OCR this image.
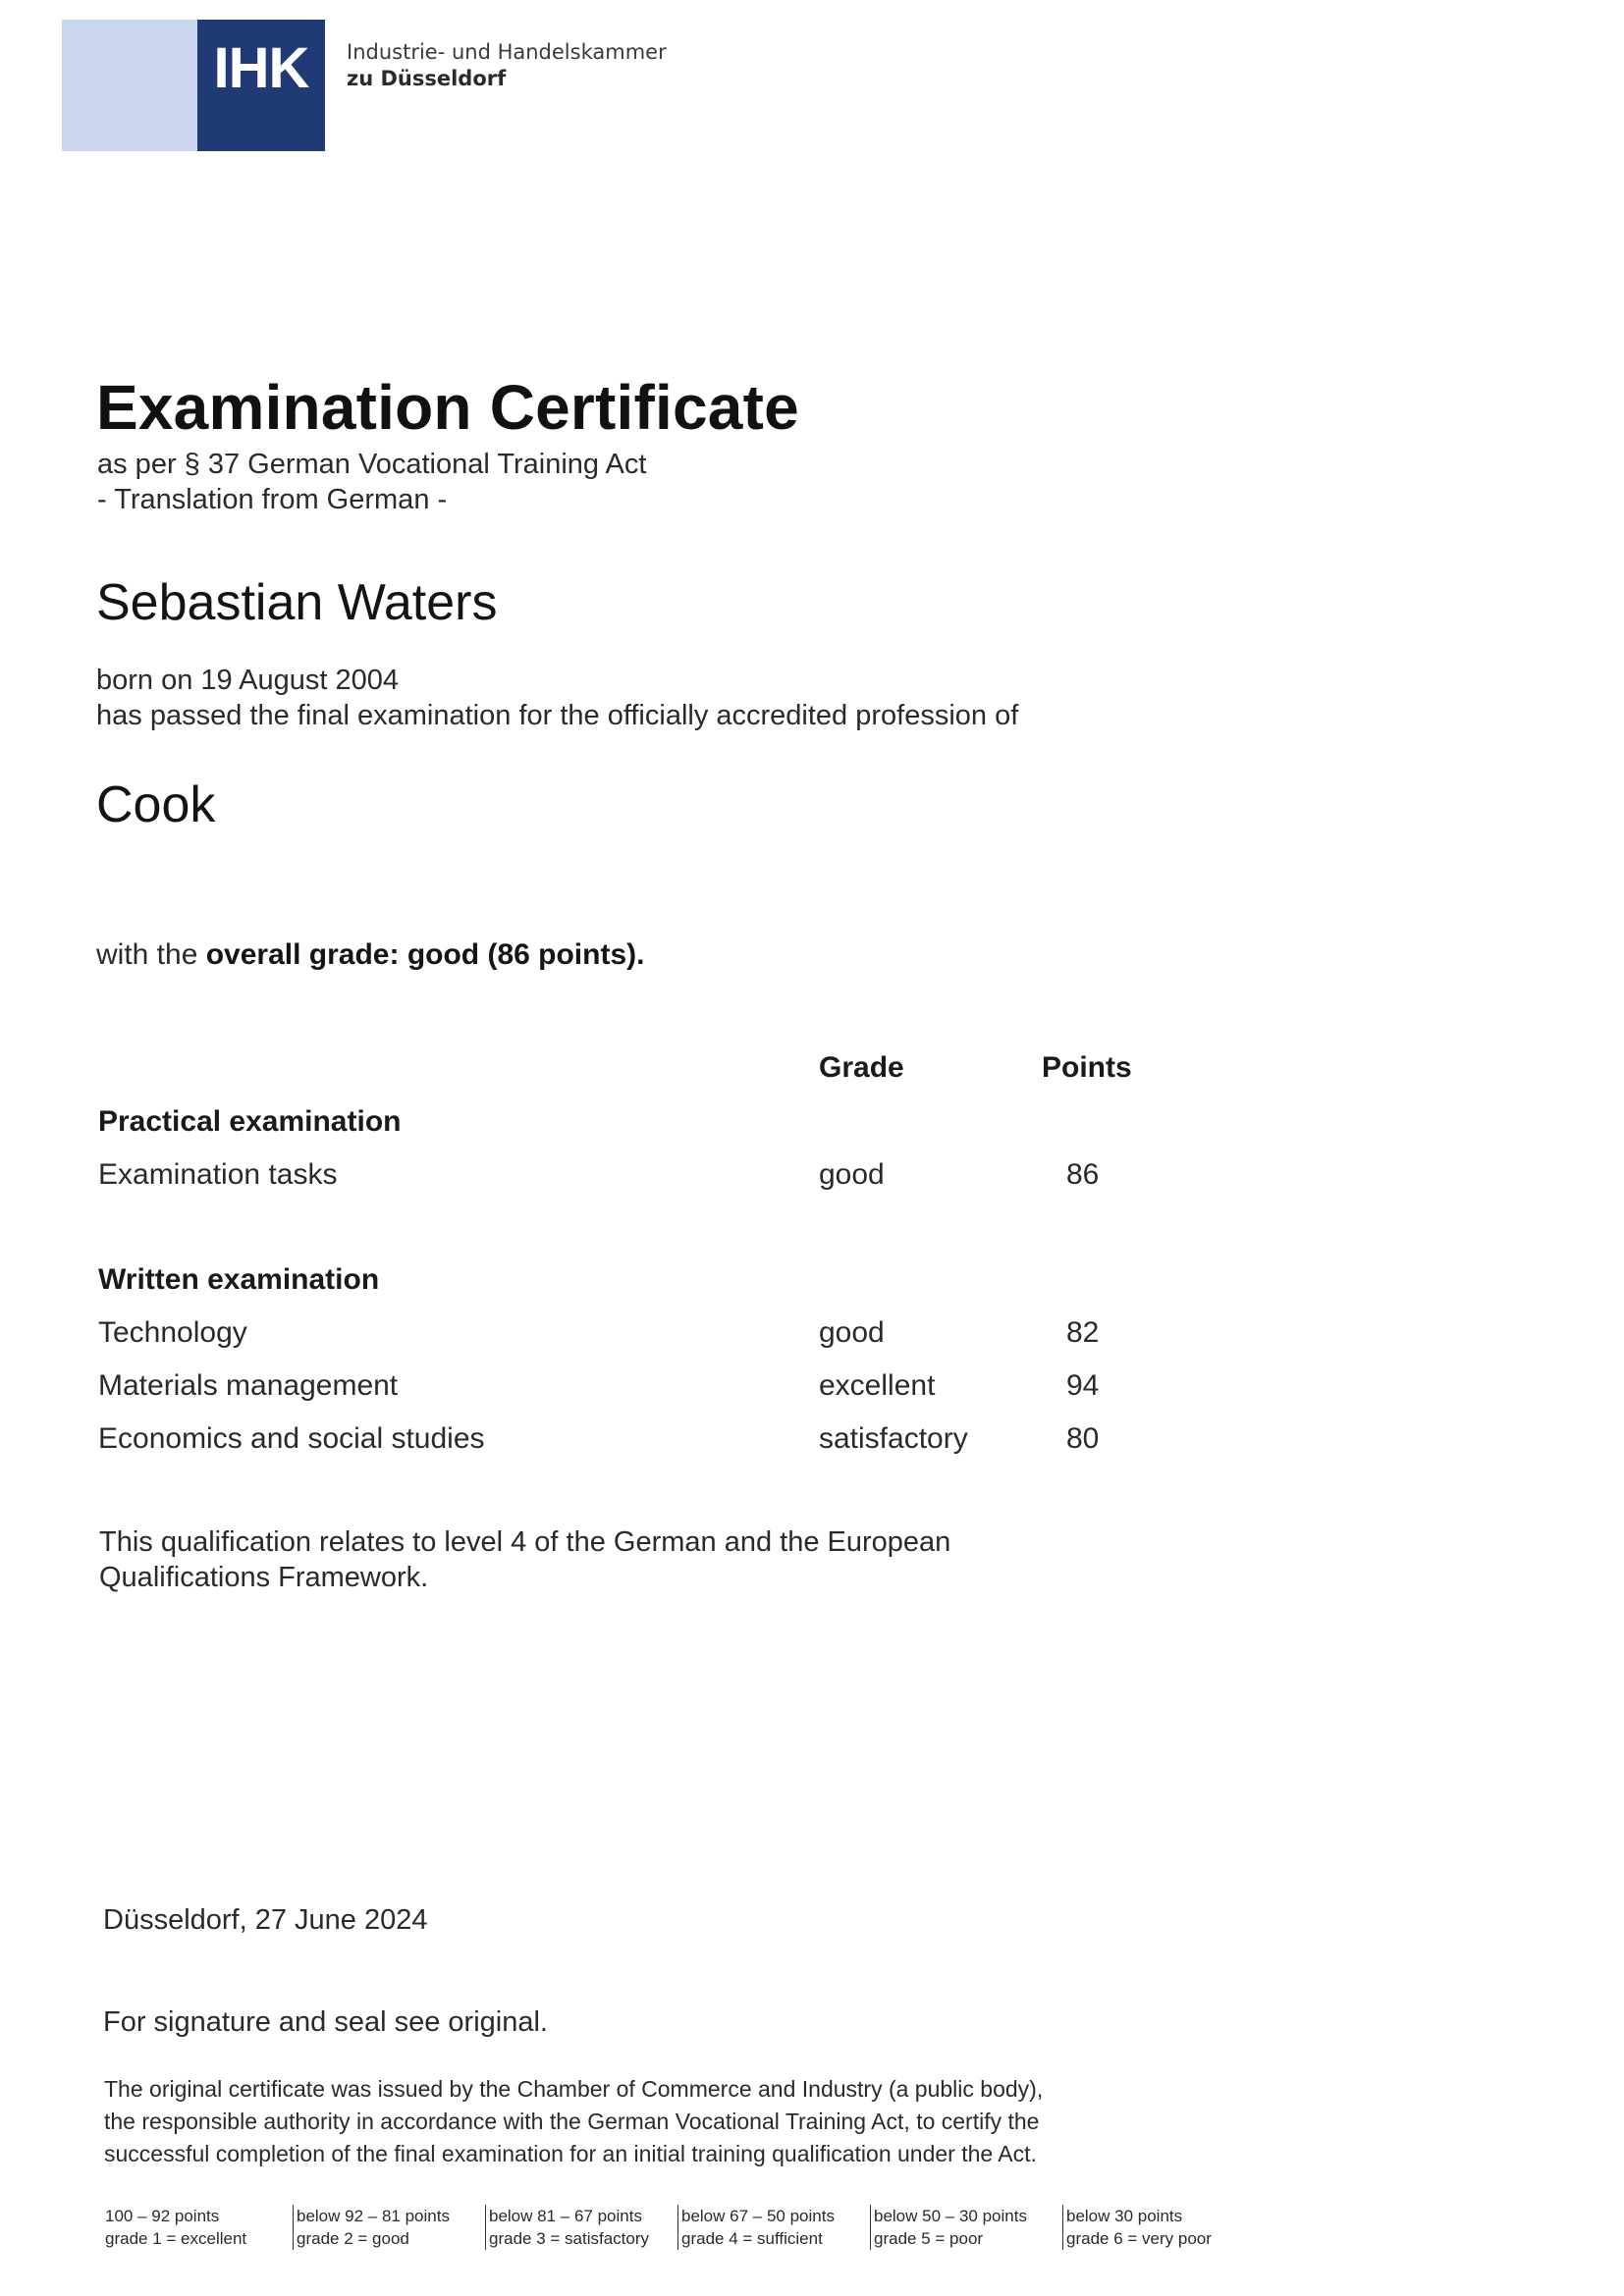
IHK Industrie- und Handelskammer
zu Düsseldorf
Examination Certificate
as per § 37 German Vocational Training Act
- Translation from German -
Sebastian Waters
born on 19 August 2004
has passed the final examination for the officially accredited profession of
Cook
with the overall grade: good (86 points).
Grade	Points
Practical examination
Examination tasks	good	86
Written examination
Technology	good	82
Materials management	excellent	94
Economics and social studies	satisfactory	80
This qualification relates to level 4 of the German and the European
Qualifications Framework.
Düsseldorf, 27 June 2024
For signature and seal see original.
The original certificate was issued by the Chamber of Commerce and Industry (a public body),
the responsible authority in accordance with the German Vocational Training Act, to certify the
successful completion of the final examination for an initial training qualification under the Act.
100 – 92 points
grade 1 = excellent
below 92 – 81 points
grade 2 = good
below 81 – 67 points
grade 3 = satisfactory
below 67 – 50 points
grade 4 = sufficient
below 50 – 30 points
grade 5 = poor
below 30 points
grade 6 = very poor
